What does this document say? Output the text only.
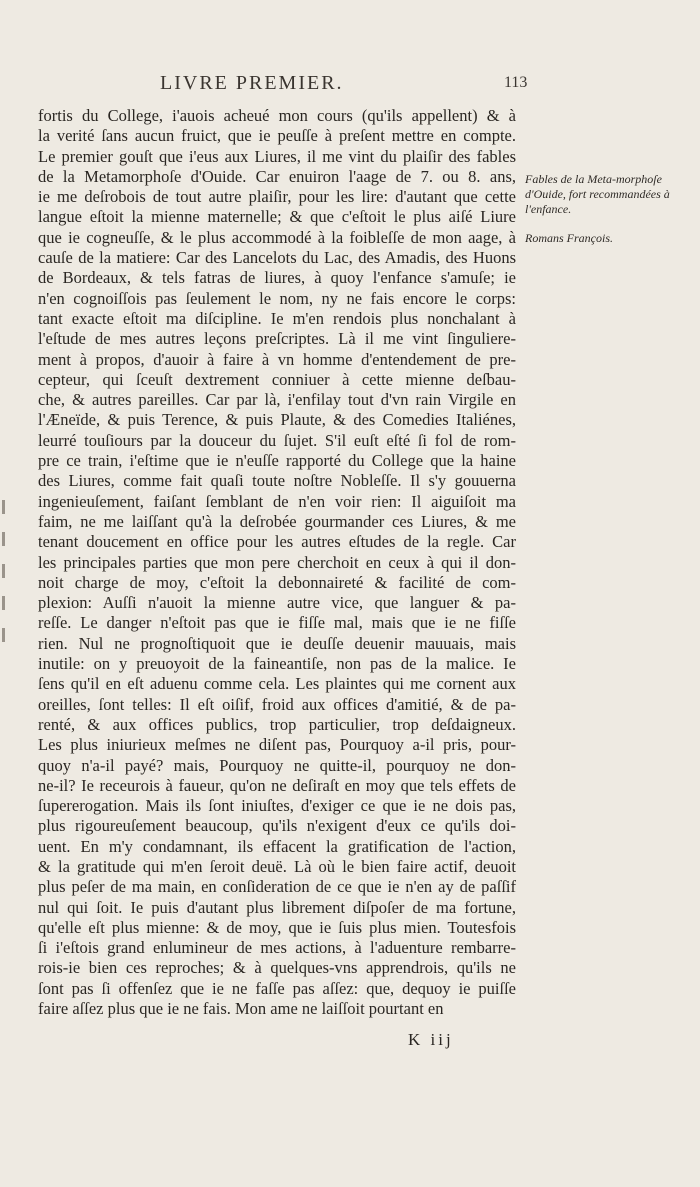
LIVRE PREMIER.	113
fortis du College, i'auois acheué mon cours (qu'ils appellent) & à
la verité ſans aucun fruict, que ie peuſſe à preſent mettre en compte.
Le premier gouſt que i'eus aux Liures, il me vint du plaiſir des fables
de la Metamorphoſe d'Ouide. Car enuiron l'aage de 7. ou 8. ans,
ie me deſrobois de tout autre plaiſir, pour les lire: d'autant que cette
langue eſtoit la mienne maternelle; & que c'eſtoit le plus aiſé Liure
que ie cogneuſſe, & le plus accommodé à la foibleſſe de mon aage, à
cauſe de la matiere: Car des Lancelots du Lac, des Amadis, des Huons
de Bordeaux, & tels fatras de liures, à quoy l'enfance s'amuſe; ie
n'en cognoiſſois pas ſeulement le nom, ny ne fais encore le corps:
tant exacte eſtoit ma diſcipline. Ie m'en rendois plus nonchalant à
l'eſtude de mes autres leçons preſcriptes. Là il me vint ſinguliere-
ment à propos, d'auoir à faire à vn homme d'entendement de pre-
cepteur, qui ſceuſt dextrement conniuer à cette mienne deſbau-
che, & autres pareilles. Car par là, i'enfilay tout d'vn rain Virgile en
l'Æneïde, & puis Terence, & puis Plaute, & des Comedies Italiénes,
leurré touſiours par la douceur du ſujet. S'il euſt eſté ſi fol de rom-
pre ce train, i'eſtime que ie n'euſſe rapporté du College que la haine
des Liures, comme fait quaſi toute noſtre Nobleſſe. Il s'y gouuerna
ingenieuſement, faiſant ſemblant de n'en voir rien: Il aiguiſoit ma
faim, ne me laiſſant qu'à la deſrobée gourmander ces Liures, & me
tenant doucement en office pour les autres eſtudes de la regle. Car
les principales parties que mon pere cherchoit en ceux à qui il don-
noit charge de moy, c'eſtoit la debonnaireté & facilité de com-
plexion: Auſſi n'auoit la mienne autre vice, que languer & pa-
reſſe. Le danger n'eſtoit pas que ie fiſſe mal, mais que ie ne fiſſe
rien. Nul ne prognoſtiquoit que ie deuſſe deuenir mauuais, mais
inutile: on y preuoyoit de la faineantiſe, non pas de la malice. Ie
ſens qu'il en eſt aduenu comme cela. Les plaintes qui me cornent aux
oreilles, ſont telles: Il eſt oiſif, froid aux offices d'amitié, & de pa-
renté, & aux offices publics, trop particulier, trop deſdaigneux.
Les plus iniurieux meſmes ne diſent pas, Pourquoy a-il pris, pour-
quoy n'a-il payé? mais, Pourquoy ne quitte-il, pourquoy ne don-
ne-il? Ie receurois à faueur, qu'on ne deſiraſt en moy que tels effets de
ſupererogation. Mais ils ſont iniuſtes, d'exiger ce que ie ne dois pas,
plus rigoureuſement beaucoup, qu'ils n'exigent d'eux ce qu'ils doi-
uent. En m'y condamnant, ils effacent la gratification de l'action,
& la gratitude qui m'en ſeroit deuë. Là où le bien faire actif, deuoit
plus peſer de ma main, en conſideration de ce que ie n'en ay de paſſif
nul qui ſoit. Ie puis d'autant plus librement diſpoſer de ma fortune,
qu'elle eſt plus mienne: & de moy, que ie ſuis plus mien. Toutesfois
ſi i'eſtois grand enlumineur de mes actions, à l'aduenture rembarre-
rois-ie bien ces reproches; & à quelques-vns apprendrois, qu'ils ne
ſont pas ſi offenſez que ie ne faſſe pas aſſez: que, dequoy ie puiſſe
faire aſſez plus que ie ne fais. Mon ame ne laiſſoit pourtant en
Fables de la Meta-morphoſe d'Ouide, fort recommandées à l'enfance.
Romans François.
K iij
